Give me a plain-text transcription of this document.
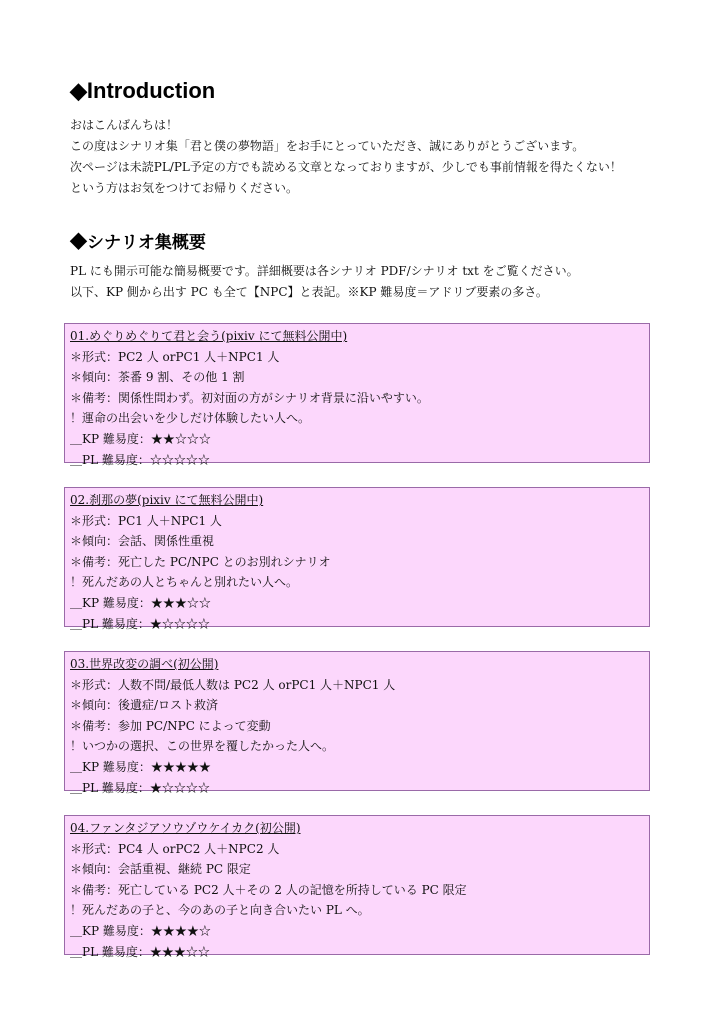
◆Introduction
おはこんばんちは！
この度はシナリオ集「君と僕の夢物語」をお手にとっていただき、誠にありがとうございます。
次ページは未読PL/PL予定の方でも読める文章となっておりますが、少しでも事前情報を得たくない！
という方はお気をつけてお帰りください。
◆シナリオ集概要
PL にも開示可能な簡易概要です。詳細概要は各シナリオ PDF/シナリオ txt をご覧ください。
以下、KP 側から出す PC も全て【NPC】と表記。※KP 難易度＝アドリブ要素の多さ。
01.めぐりめぐりて君と会う(pixiv にて無料公開中)
＊形式：PC2 人 orPC1 人＋NPC1 人
＊傾向：茶番 9 割、その他 1 割
＊備考：関係性問わず。初対面の方がシナリオ背景に沿いやすい。
！運命の出会いを少しだけ体験したい人へ。
＿KP 難易度：★★☆☆☆
＿PL 難易度：☆☆☆☆☆
02.刹那の夢(pixiv にて無料公開中)
＊形式：PC1 人＋NPC1 人
＊傾向：会話、関係性重視
＊備考：死亡した PC/NPC とのお別れシナリオ
！死んだあの人とちゃんと別れたい人へ。
＿KP 難易度：★★★☆☆
＿PL 難易度：★☆☆☆☆
03.世界改変の調べ(初公開)
＊形式：人数不問/最低人数は PC2 人 orPC1 人＋NPC1 人
＊傾向：後遺症/ロスト救済
＊備考：参加 PC/NPC によって変動
！いつかの選択、この世界を覆したかった人へ。
＿KP 難易度：★★★★★
＿PL 難易度：★☆☆☆☆
04.ファンタジアソウゾウケイカク(初公開)
＊形式：PC4 人 orPC2 人＋NPC2 人
＊傾向：会話重視、継続 PC 限定
＊備考：死亡している PC2 人＋その 2 人の記憶を所持している PC 限定
！死んだあの子と、今のあの子と向き合いたい PL へ。
＿KP 難易度：★★★★☆
＿PL 難易度：★★★☆☆
